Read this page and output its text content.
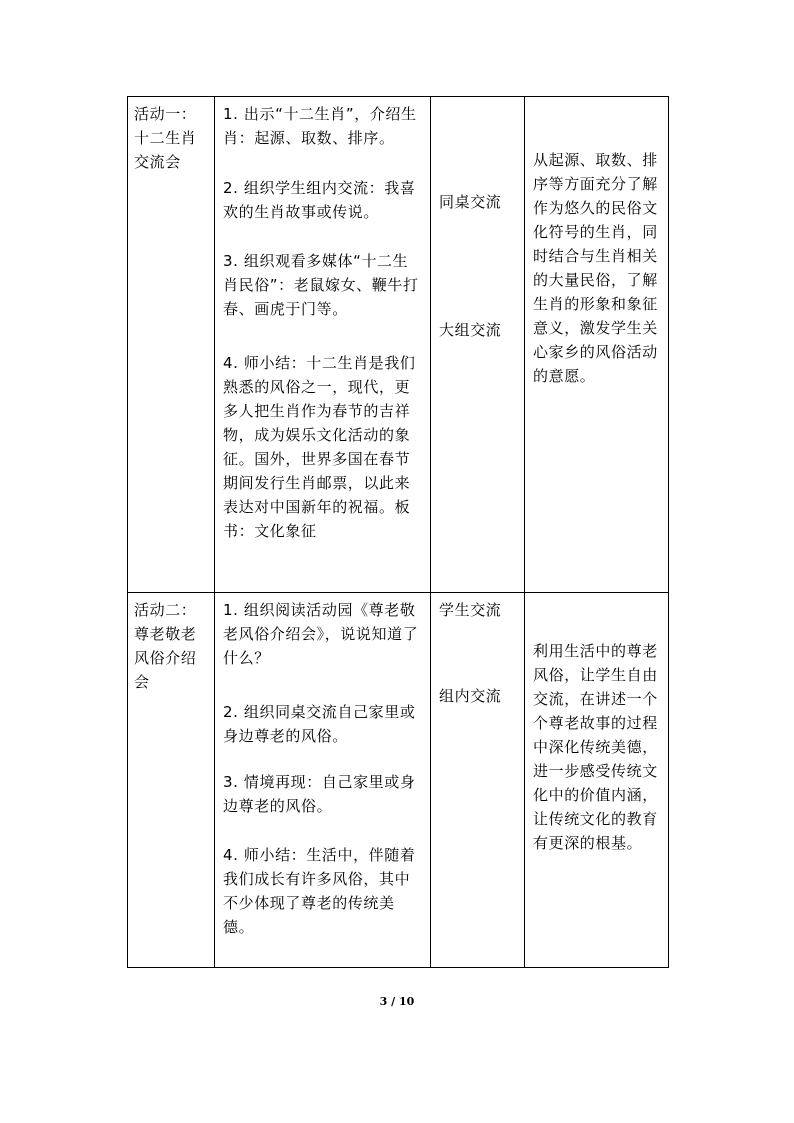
活动一：十二生肖交流会
1. 出示“十二生肖”，介绍生肖：起源、取数、排序。
2. 组织学生组内交流：我喜欢的生肖故事或传说。
3. 组织观看多媒体“十二生肖民俗”：老鼠嫁女、鞭牛打春、画虎于门等。
4. 师小结：十二生肖是我们熟悉的风俗之一，现代，更多人把生肖作为春节的吉祥物，成为娱乐文化活动的象征。国外，世界多国在春节期间发行生肖邮票，以此来表达对中国新年的祝福。板书：文化象征
同桌交流
大组交流
从起源、取数、排序等方面充分了解作为悠久的民俗文化符号的生肖，同时结合与生肖相关的大量民俗，了解生肖的形象和象征意义，激发学生关心家乡的风俗活动的意愿。
活动二：尊老敬老风俗介绍会
1. 组织阅读活动园《尊老敬老风俗介绍会》，说说知道了什么？
2. 组织同桌交流自己家里或身边尊老的风俗。
3. 情境再现：自己家里或身边尊老的风俗。
4. 师小结：生活中，伴随着我们成长有许多风俗，其中不少体现了尊老的传统美德。
学生交流
组内交流
利用生活中的尊老风俗，让学生自由交流，在讲述一个个尊老故事的过程中深化传统美德，进一步感受传统文化中的价值内涵，让传统文化的教育有更深的根基。
3 / 10
